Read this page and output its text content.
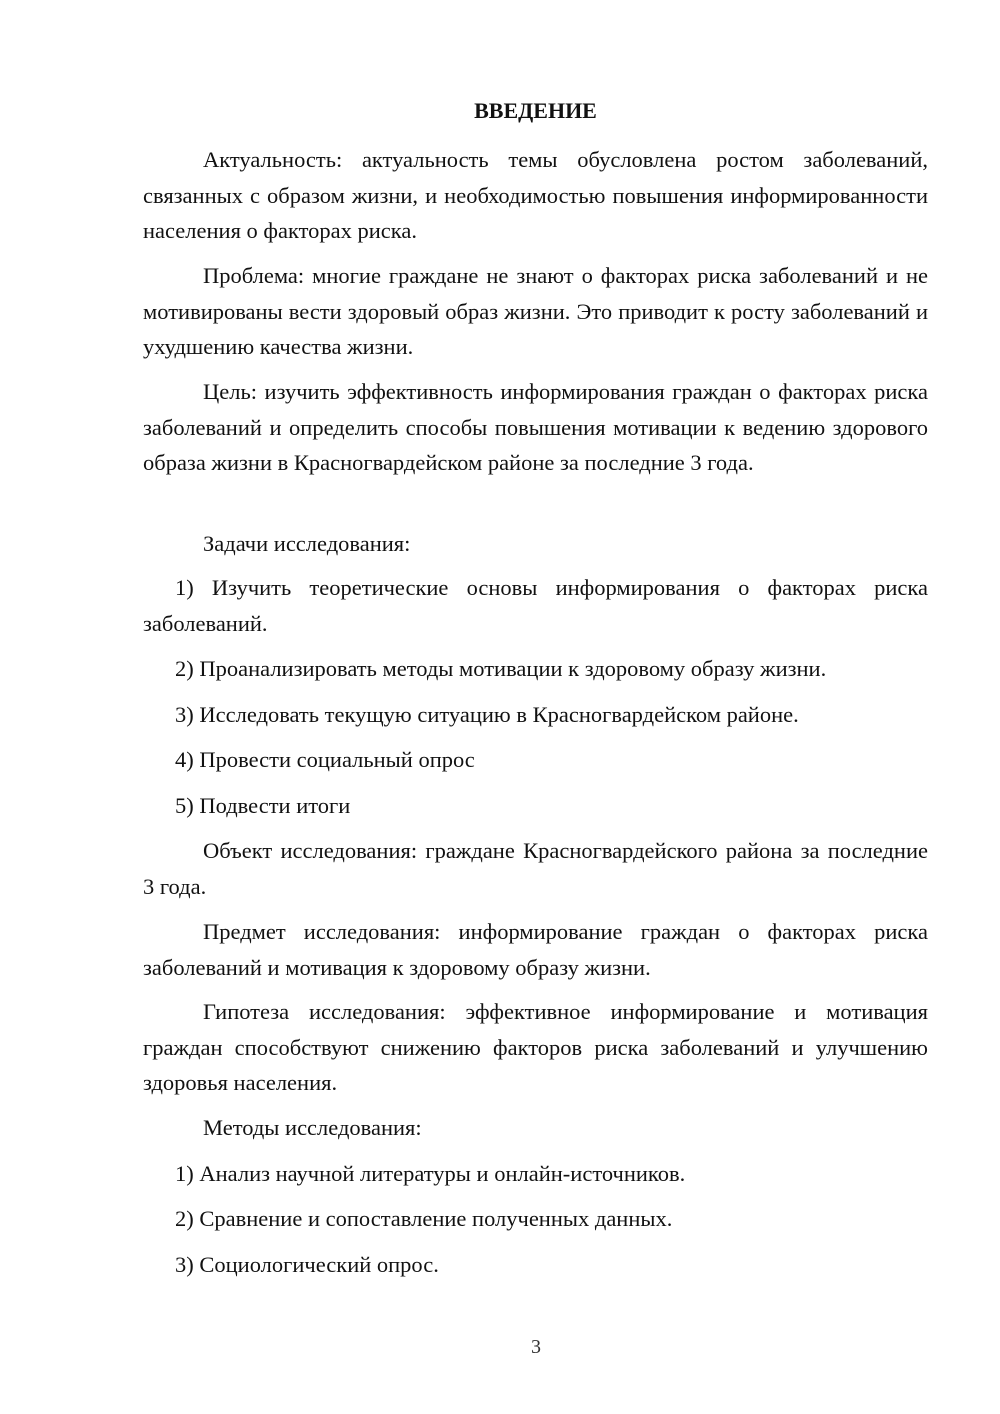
ВВЕДЕНИЕ

Актуальность: актуальность темы обусловлена ростом заболеваний, связанных с образом жизни, и необходимостью повышения информированности населения о факторах риска.

Проблема: многие граждане не знают о факторах риска заболеваний и не мотивированы вести здоровый образ жизни. Это приводит к росту заболеваний и ухудшению качества жизни.

Цель: изучить эффективность информирования граждан о факторах риска заболеваний и определить способы повышения мотивации к ведению здорового образа жизни в Красногвардейском районе за последние 3 года.

Задачи исследования:

1) Изучить теоретические основы информирования о факторах риска заболеваний.

2) Проанализировать методы мотивации к здоровому образу жизни.

3) Исследовать текущую ситуацию в Красногвардейском районе.

4) Провести социальный опрос

5) Подвести итоги

Объект исследования: граждане Красногвардейского района за последние 3 года.

Предмет исследования: информирование граждан о факторах риска заболеваний и мотивация к здоровому образу жизни.

Гипотеза исследования: эффективное информирование и мотивация граждан способствуют снижению факторов риска заболеваний и улучшению здоровья населения.

Методы исследования:

1) Анализ научной литературы и онлайн-источников.

2) Сравнение и сопоставление полученных данных.

3) Социологический опрос.

3
